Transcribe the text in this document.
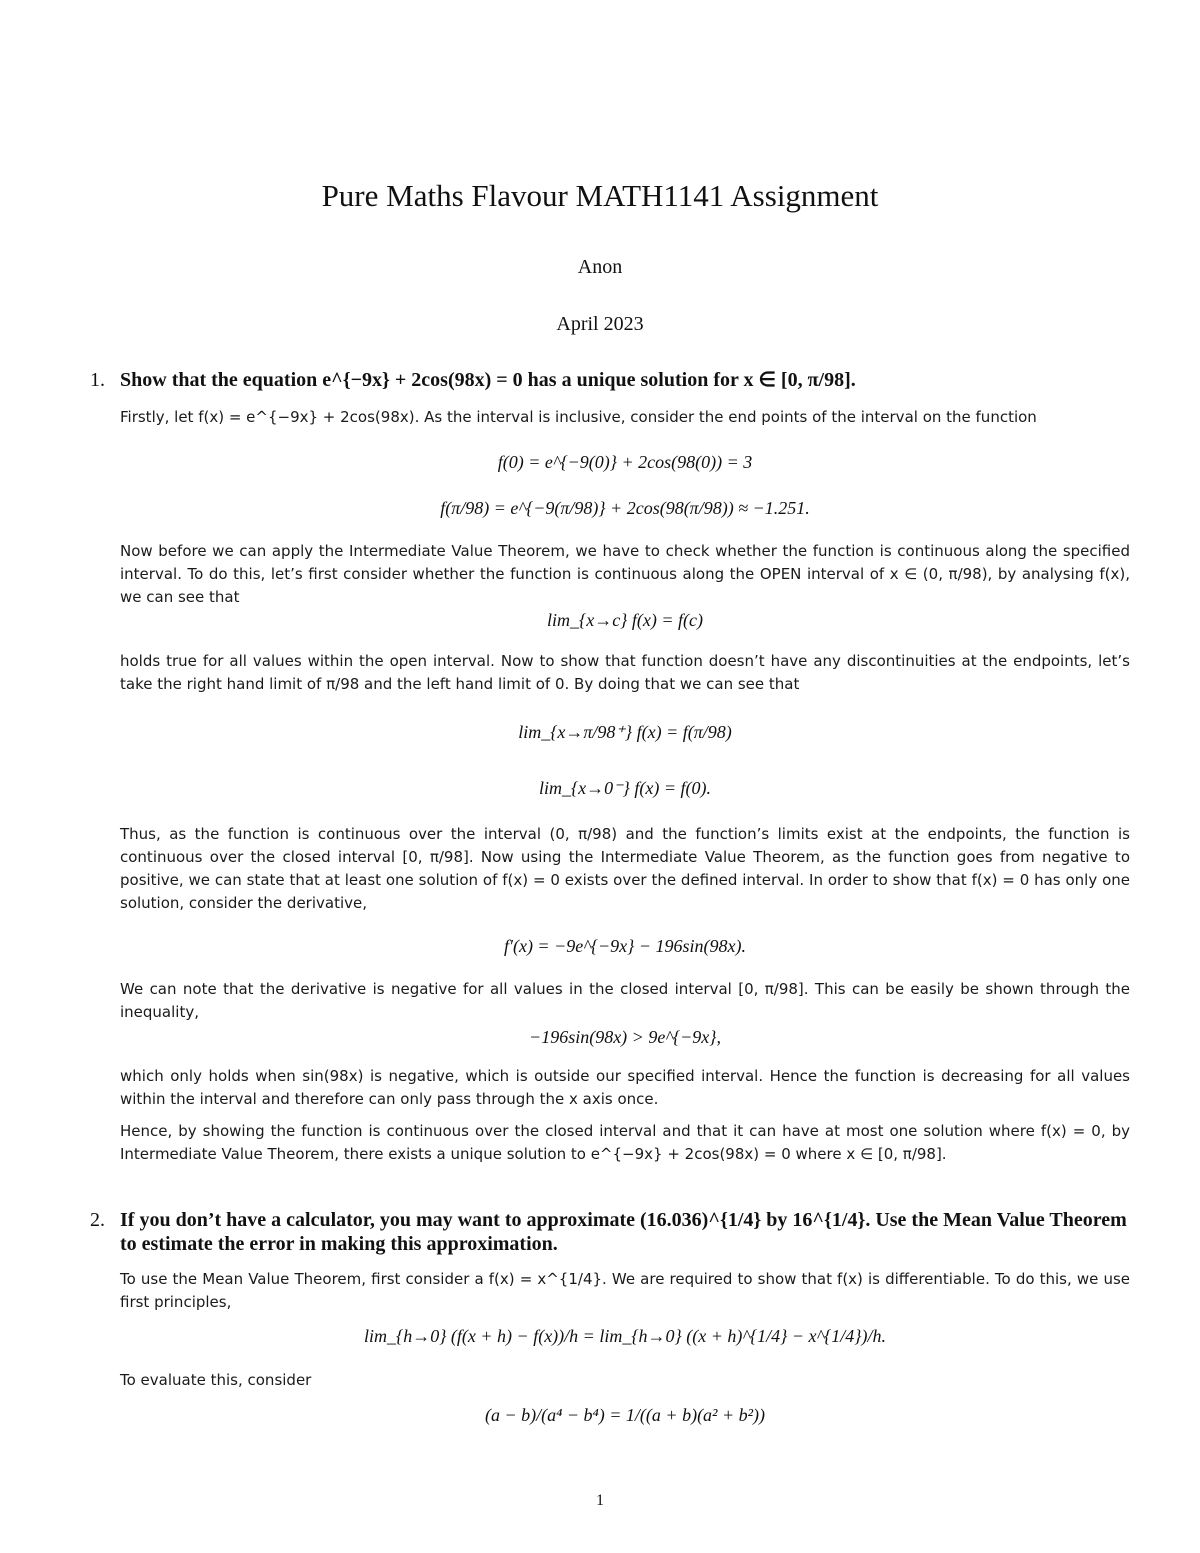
Pure Maths Flavour MATH1141 Assignment
Anon
April 2023
1. Show that the equation e^{−9x} + 2cos(98x) = 0 has a unique solution for x ∈ [0, π/98].
Firstly, let f(x) = e^{−9x} + 2cos(98x). As the interval is inclusive, consider the end points of the interval on the function
f(0) = e^{−9(0)} + 2cos(98(0)) = 3
f(π/98) = e^{−9(π/98)} + 2cos(98(π/98)) ≈ −1.251.
Now before we can apply the Intermediate Value Theorem, we have to check whether the function is continuous along the specified interval. To do this, let’s first consider whether the function is continuous along the OPEN interval of x ∈ (0, π/98), by analysing f(x), we can see that
lim_{x→c} f(x) = f(c)
holds true for all values within the open interval. Now to show that function doesn’t have any discontinuities at the endpoints, let’s take the right hand limit of π/98 and the left hand limit of 0. By doing that we can see that
lim_{x→π/98⁺} f(x) = f(π/98)
lim_{x→0⁻} f(x) = f(0).
Thus, as the function is continuous over the interval (0, π/98) and the function’s limits exist at the endpoints, the function is continuous over the closed interval [0, π/98]. Now using the Intermediate Value Theorem, as the function goes from negative to positive, we can state that at least one solution of f(x) = 0 exists over the defined interval. In order to show that f(x) = 0 has only one solution, consider the derivative,
f′(x) = −9e^{−9x} − 196sin(98x).
We can note that the derivative is negative for all values in the closed interval [0, π/98]. This can be easily be shown through the inequality,
−196sin(98x) > 9e^{−9x},
which only holds when sin(98x) is negative, which is outside our specified interval. Hence the function is decreasing for all values within the interval and therefore can only pass through the x axis once.
Hence, by showing the function is continuous over the closed interval and that it can have at most one solution where f(x) = 0, by Intermediate Value Theorem, there exists a unique solution to e^{−9x} + 2cos(98x) = 0 where x ∈ [0, π/98].
2. If you don’t have a calculator, you may want to approximate (16.036)^{1/4} by 16^{1/4}. Use the Mean Value Theorem to estimate the error in making this approximation.
To use the Mean Value Theorem, first consider a f(x) = x^{1/4}. We are required to show that f(x) is differentiable. To do this, we use first principles,
lim_{h→0} (f(x + h) − f(x))/h = lim_{h→0} ((x + h)^{1/4} − x^{1/4})/h.
To evaluate this, consider
(a − b)/(a⁴ − b⁴) = 1/((a + b)(a² + b²))
1
